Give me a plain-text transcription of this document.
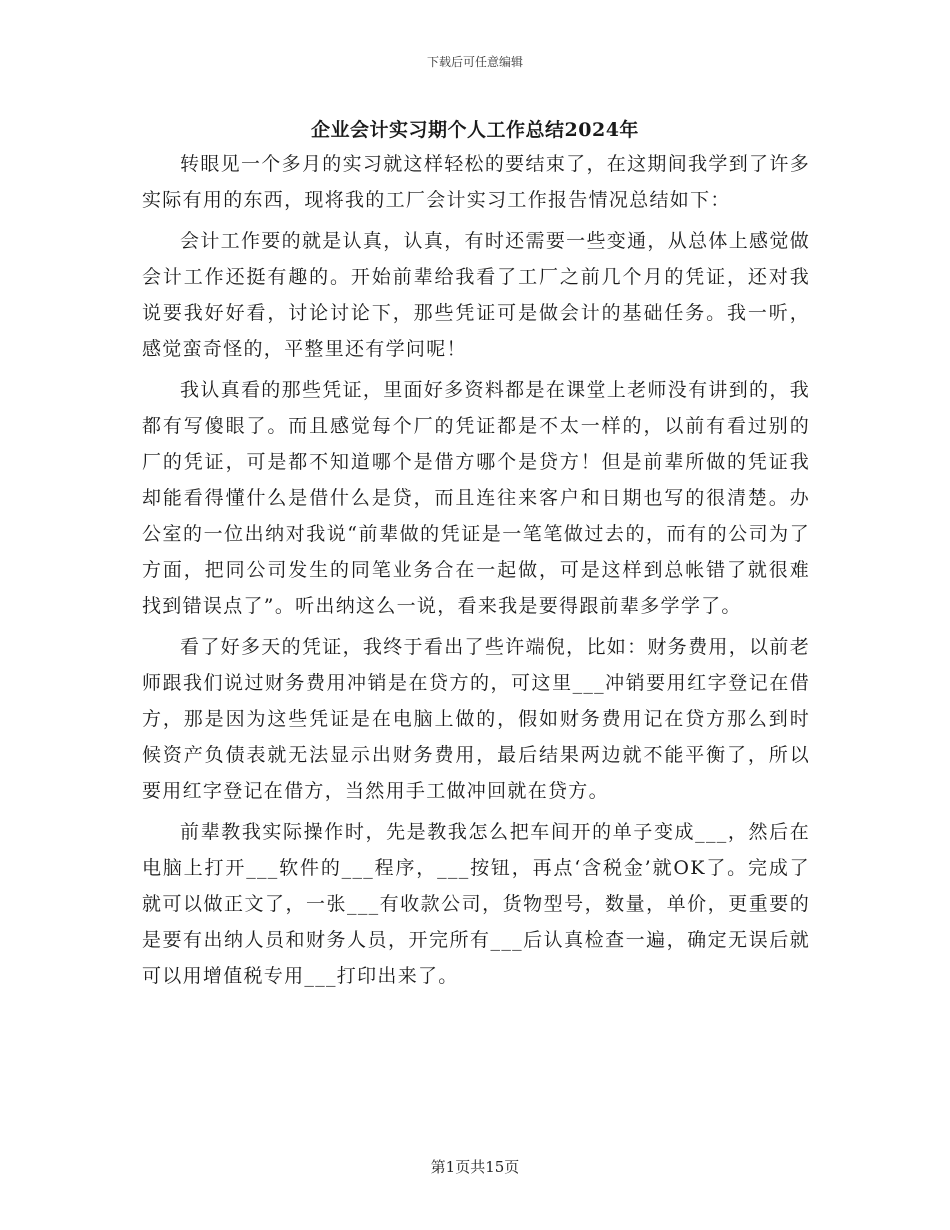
下载后可任意编辑
企业会计实习期个人工作总结2024年

转眼见一个多月的实习就这样轻松的要结束了，在这期间我学到了许多实际有用的东西，现将我的工厂会计实习工作报告情况总结如下：

会计工作要的就是认真，认真，有时还需要一些变通，从总体上感觉做会计工作还挺有趣的。开始前辈给我看了工厂之前几个月的凭证，还对我说要我好好看，讨论讨论下，那些凭证可是做会计的基础任务。我一听，感觉蛮奇怪的，平整里还有学问呢！

我认真看的那些凭证，里面好多资料都是在课堂上老师没有讲到的，我都有写傻眼了。而且感觉每个厂的凭证都是不太一样的，以前有看过别的厂的凭证，可是都不知道哪个是借方哪个是贷方！但是前辈所做的凭证我却能看得懂什么是借什么是贷，而且连往来客户和日期也写的很清楚。办公室的一位出纳对我说“前辈做的凭证是一笔笔做过去的，而有的公司为了方面，把同公司发生的同笔业务合在一起做，可是这样到总帐错了就很难找到错误点了”。听出纳这么一说，看来我是要得跟前辈多学学了。

看了好多天的凭证，我终于看出了些许端倪，比如：财务费用，以前老师跟我们说过财务费用冲销是在贷方的，可这里___冲销要用红字登记在借方，那是因为这些凭证是在电脑上做的，假如财务费用记在贷方那么到时候资产负债表就无法显示出财务费用，最后结果两边就不能平衡了，所以要用红字登记在借方，当然用手工做冲回就在贷方。

前辈教我实际操作时，先是教我怎么把车间开的单子变成___，然后在电脑上打开___软件的___程序，___按钮，再点‘含税金’就OK了。完成了就可以做正文了，一张___有收款公司，货物型号，数量，单价，更重要的是要有出纳人员和财务人员，开完所有___后认真检查一遍，确定无误后就可以用增值税专用___打印出来了。

第1页共15页
